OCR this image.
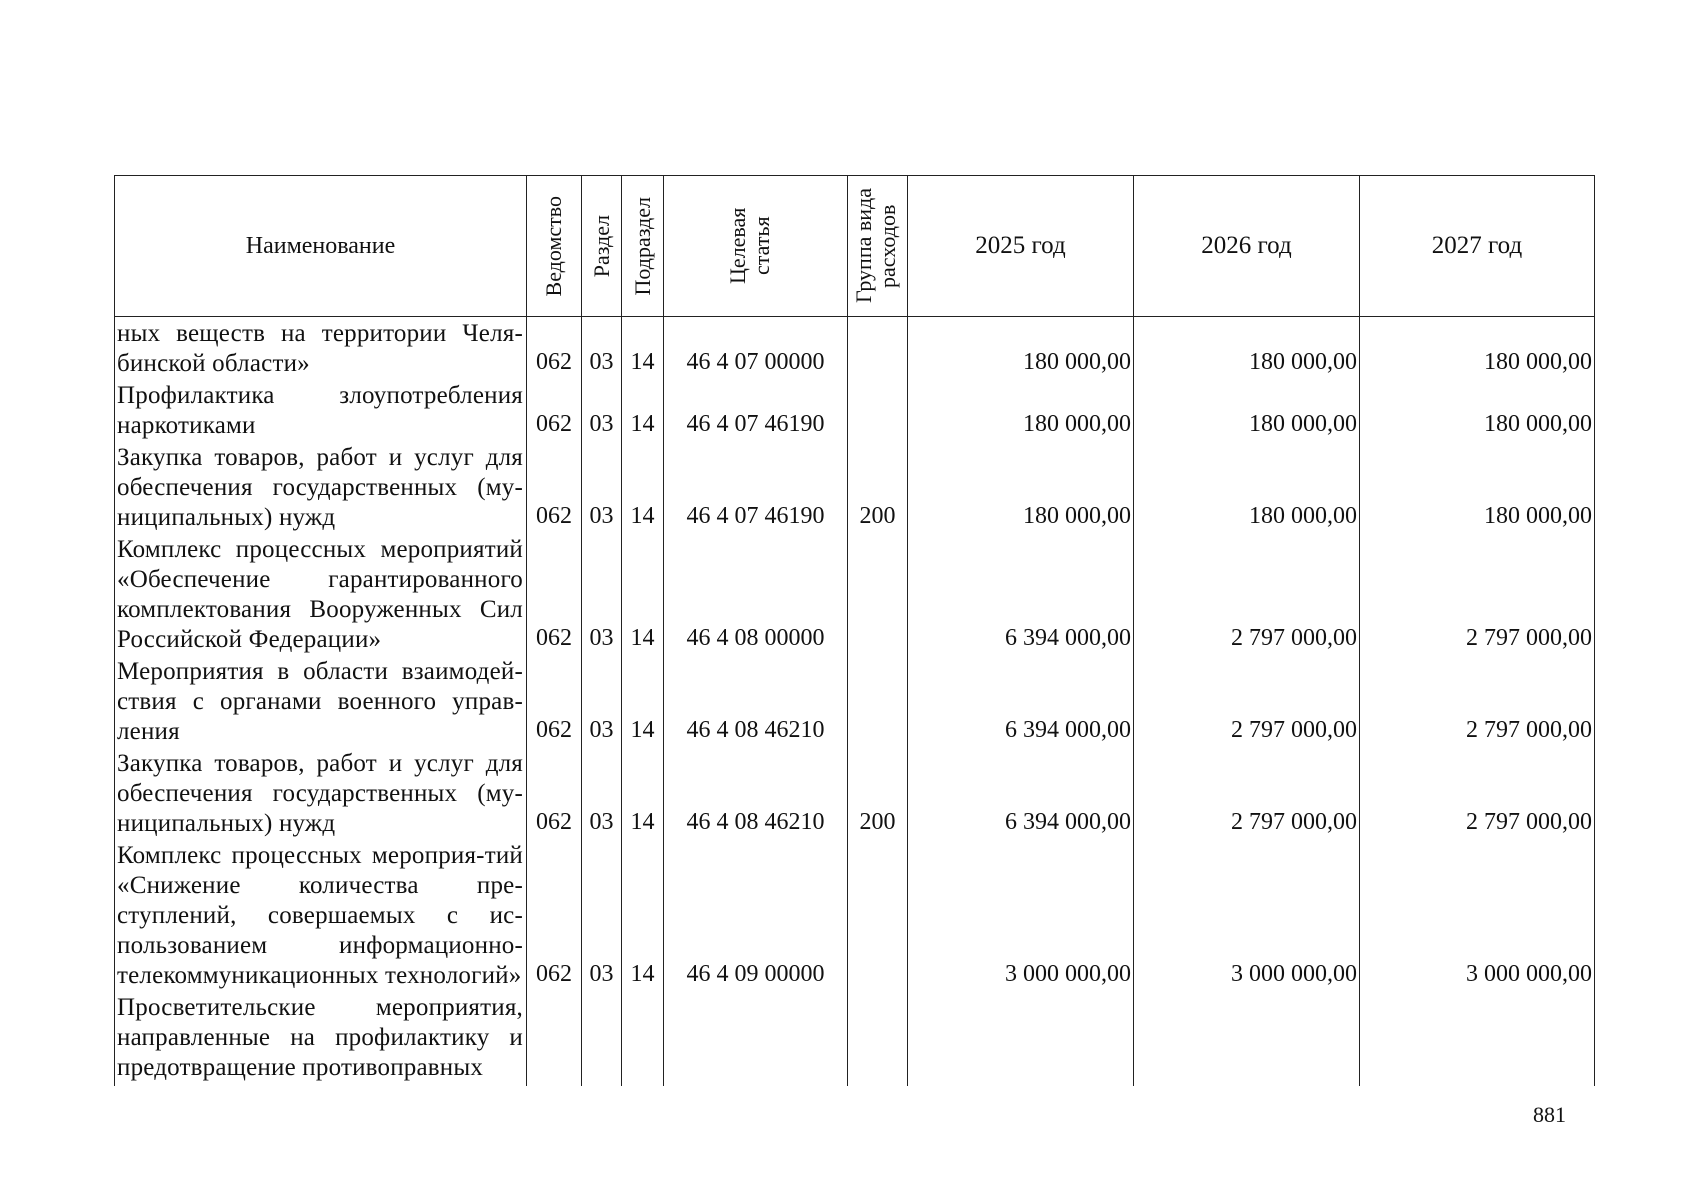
Наименование	Ведомство	Раздел	Подраздел	Целевая статья	Группа вида расходов	2025 год	2026 год	2027 год
ных веществ на территории Челя-бинской области»	062	03	14	46 4 07 00000		180 000,00	180 000,00	180 000,00
Профилактика злоупотребления наркотиками	062	03	14	46 4 07 46190		180 000,00	180 000,00	180 000,00
Закупка товаров, работ и услуг для обеспечения государственных (му-ниципальных) нужд	062	03	14	46 4 07 46190	200	180 000,00	180 000,00	180 000,00
Комплекс процессных мероприятий «Обеспечение гарантированного комплектования Вооруженных Сил Российской Федерации»	062	03	14	46 4 08 00000		6 394 000,00	2 797 000,00	2 797 000,00
Мероприятия в области взаимодей-ствия с органами военного управ-ления	062	03	14	46 4 08 46210		6 394 000,00	2 797 000,00	2 797 000,00
Закупка товаров, работ и услуг для обеспечения государственных (му-ниципальных) нужд	062	03	14	46 4 08 46210	200	6 394 000,00	2 797 000,00	2 797 000,00
Комплекс процессных мероприя-тий «Снижение количества пре-ступлений, совершаемых с ис-пользованием информационно-телекоммуникационных технологий»	062	03	14	46 4 09 00000		3 000 000,00	3 000 000,00	3 000 000,00
Просветительские мероприятия, направленные на профилактику и предотвращение противоправных								
881
